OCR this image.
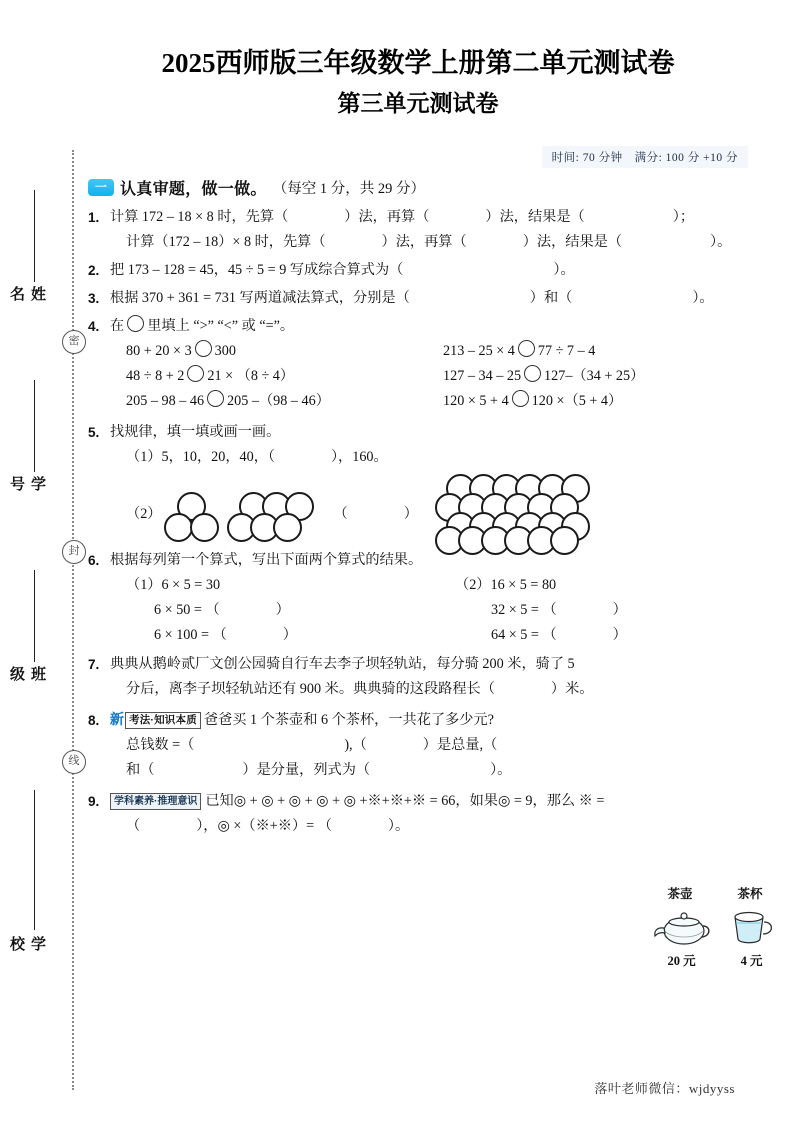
密
封
线
姓名
学号
班级
学校
2025西师版三年级数学上册第二单元测试卷
第三单元测试卷
时间: 70 分钟　满分: 100 分 +10 分
一 认真审题，做一做。 （每空 1 分，共 29 分）
1. 计算 172 – 18 × 8 时，先算（	）法，再算（	）法，结果是（	）；
计算（172 – 18）× 8 时，先算（	）法，再算（	）法，结果是（	）。
2. 把 173 – 128 = 45，45 ÷ 5 = 9 写成综合算式为（	）。
3. 根据 370 + 361 = 731 写两道减法算式，分别是（	）和（	）。
4. 在 里填上 “>” “<” 或 “=”。
80 + 20 × 3 300	213 – 25 × 4 77 ÷ 7 – 4
48 ÷ 8 + 2 21 × （8 ÷ 4）	127 – 34 – 25 127–（34 + 25）
205 – 98 – 46 205 –（98 – 46）	120 × 5 + 4 120 ×（5 + 4）
5. 找规律，填一填或画一画。
（1）5，10，20，40，（	），160。
（2）	（	）
6. 根据每列第一个算式，写出下面两个算式的结果。
（1）6 × 5 = 30	（2）16 × 5 = 80
6 × 50 = （	）	32 × 5 = （	）
6 × 100 = （	）	64 × 5 = （	）
7. 典典从鹅岭贰厂文创公园骑自行车去李子坝轻轨站，每分骑 200 米，骑了 5
分后，离李子坝轻轨站还有 900 米。典典骑的这段路程长（	）米。
8. 新 考法·知识本质 爸爸买 1 个茶壶和 6 个茶杯，一共花了多少元?
总钱数 =（	),（	）是总量,（
和（	）是分量，列式为（	）。
9.	学科素养·推理意识 已知◎ + ◎ + ◎ + ◎ + ◎ +※+※+※ = 66，如果◎ = 9，那么 ※ =
（	），◎ ×（※+※）= （	）。
茶壶	茶杯
20 元	4 元
落叶老师微信：wjdyyss
